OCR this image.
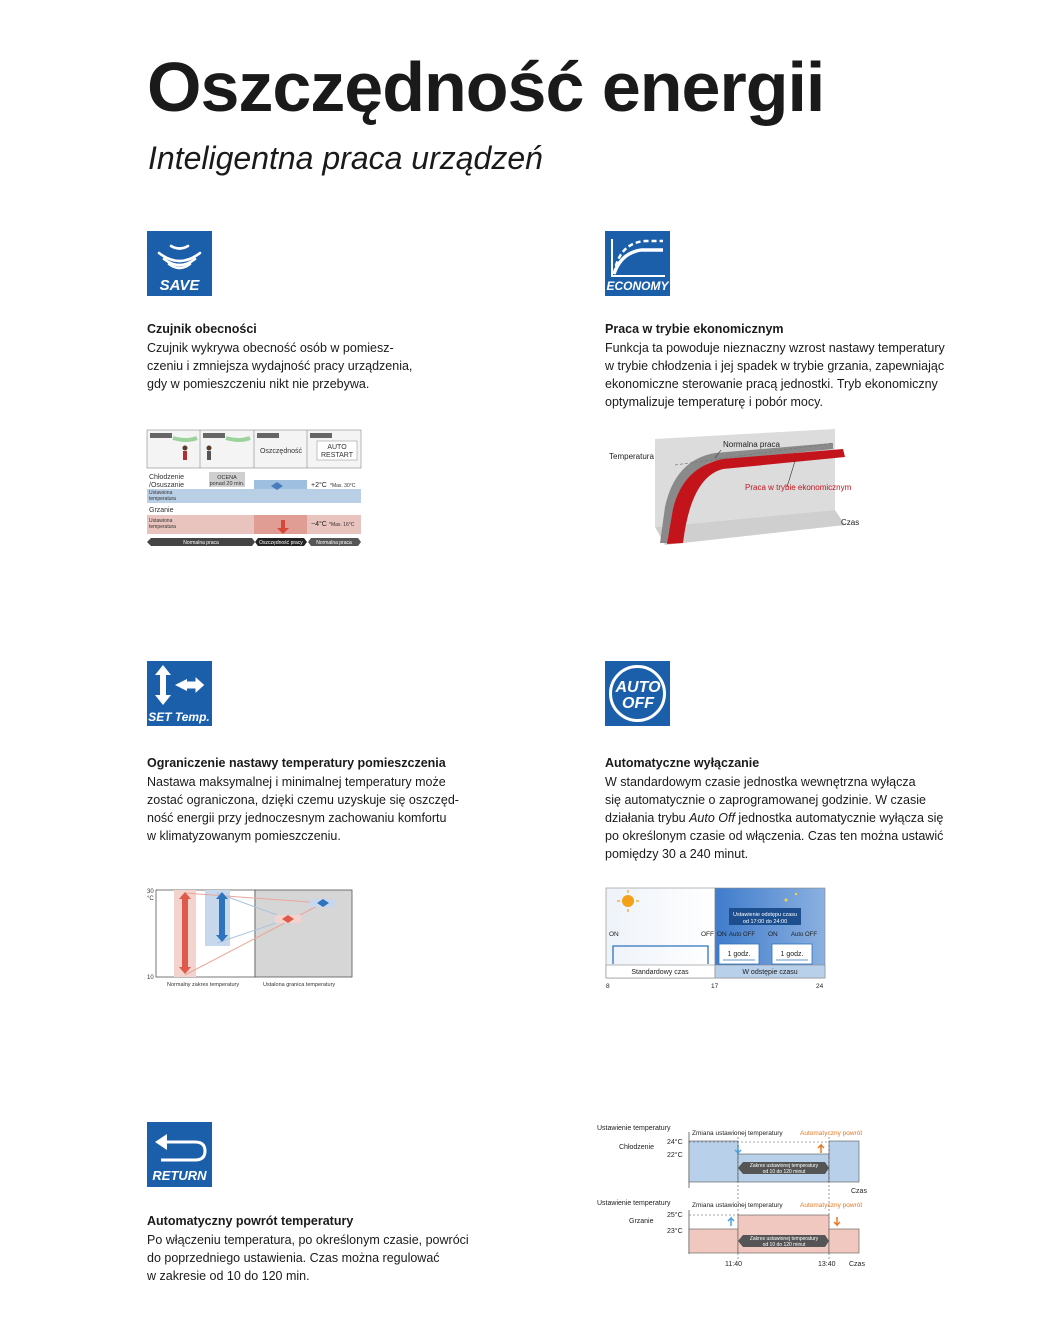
Oszczędność energii
Inteligentna praca urządzeń
SAVE
Czujnik obecności
Czujnik wykrywa obecność osób w pomiesz-
czeniu i zmniejsza wydajność pracy urządzenia,
gdy w pomieszczeniu nikt nie przebywa.
Oszczędność
AUTO
RESTART
Chłodzenie
/Osuszanie
OCENA
ponad 20 min.
Ustawiona
temperatura
+2°C *Max. 30°C
Grzanie
Ustawiona
temperatura	−4°C *Max. 16°C
Normalna praca	Oszczędność pracy	Normalna praca
ECONOMY
Praca w trybie ekonomicznym
Funkcja ta powoduje nieznaczny wzrost nastawy temperatury
w trybie chłodzenia i jej spadek w trybie grzania, zapewniając
ekonomiczne sterowanie pracą jednostki. Tryb ekonomiczny
optymalizuje temperaturę i pobór mocy.
Temperatura
Normalna praca
Praca w trybie ekonomicznym
Czas
SET Temp.
Ograniczenie nastawy temperatury pomieszczenia
Nastawa maksymalnej i minimalnej temperatury może
zostać ograniczona, dzięki czemu uzyskuje się oszczęd-
ność energii przy jednoczesnym zachowaniu komfortu
w klimatyzowanym pomieszczeniu.
30
°C
10
Normalny zakres temperatury	Ustalona granica temperatury
AUTO
OFF
Automatyczne wyłączanie
W standardowym czasie jednostka wewnętrzna wyłącza
się automatycznie o zaprogramowanej godzinie. W czasie
działania trybu Auto Off jednostka automatycznie wyłącza się
po określonym czasie od włączenia. Czas ten można ustawić
pomiędzy 30 a 240 minut.
Ustawienie odstępu czasu
od 17:00 do 24:00
ON	OFF ON Auto OFF ON Auto OFF
1 godz.	1 godz.
Standardowy czas	W odstępie czasu
8	17	24
RETURN
Automatyczny powrót temperatury
Po włączeniu temperatura, po określonym czasie, powróci
do poprzedniego ustawienia. Czas można regulować
w zakresie od 10 do 120 min.
Ustawienie temperatury
Zmiana ustawionej temperatury	Automatyczny powrót
Chłodzenie
24°C
22°C
Zakres ustawionej temperatury
od 10 do 120 minut
Czas
Ustawienie temperatury	Zmiana ustawionej temperatury	Automatyczny powrót
Grzanie
25°C
23°C
Zakres ustawionej temperatury
od 10 do 120 minut
11:40	13:40 Czas
